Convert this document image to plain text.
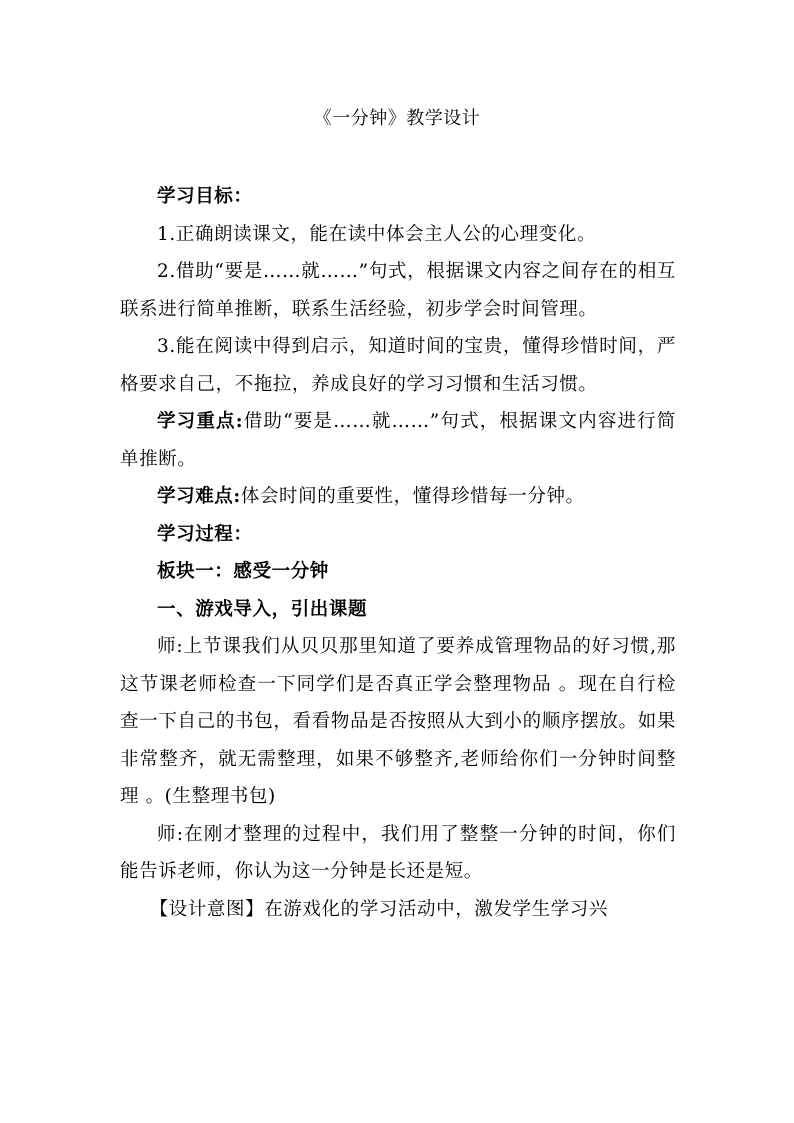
《一分钟》教学设计

学习目标：

1.正确朗读课文，能在读中体会主人公的心理变化。

2.借助“要是……就……”句式，根据课文内容之间存在的相互联系进行简单推断，联系生活经验，初步学会时间管理。

3.能在阅读中得到启示，知道时间的宝贵，懂得珍惜时间，严格要求自己，不拖拉，养成良好的学习习惯和生活习惯。

学习重点:借助“要是……就……”句式，根据课文内容进行简单推断。

学习难点:体会时间的重要性，懂得珍惜每一分钟。

学习过程：

板块一：感受一分钟

一、游戏导入，引出课题

师:上节课我们从贝贝那里知道了要养成管理物品的好习惯,那这节课老师检查一下同学们是否真正学会整理物品 。现在自行检查一下自己的书包，看看物品是否按照从大到小的顺序摆放。如果非常整齐，就无需整理，如果不够整齐,老师给你们一分钟时间整理 。(生整理书包)

师:在刚才整理的过程中，我们用了整整一分钟的时间，你们能告诉老师，你认为这一分钟是长还是短。

【设计意图】在游戏化的学习活动中，激发学生学习兴
